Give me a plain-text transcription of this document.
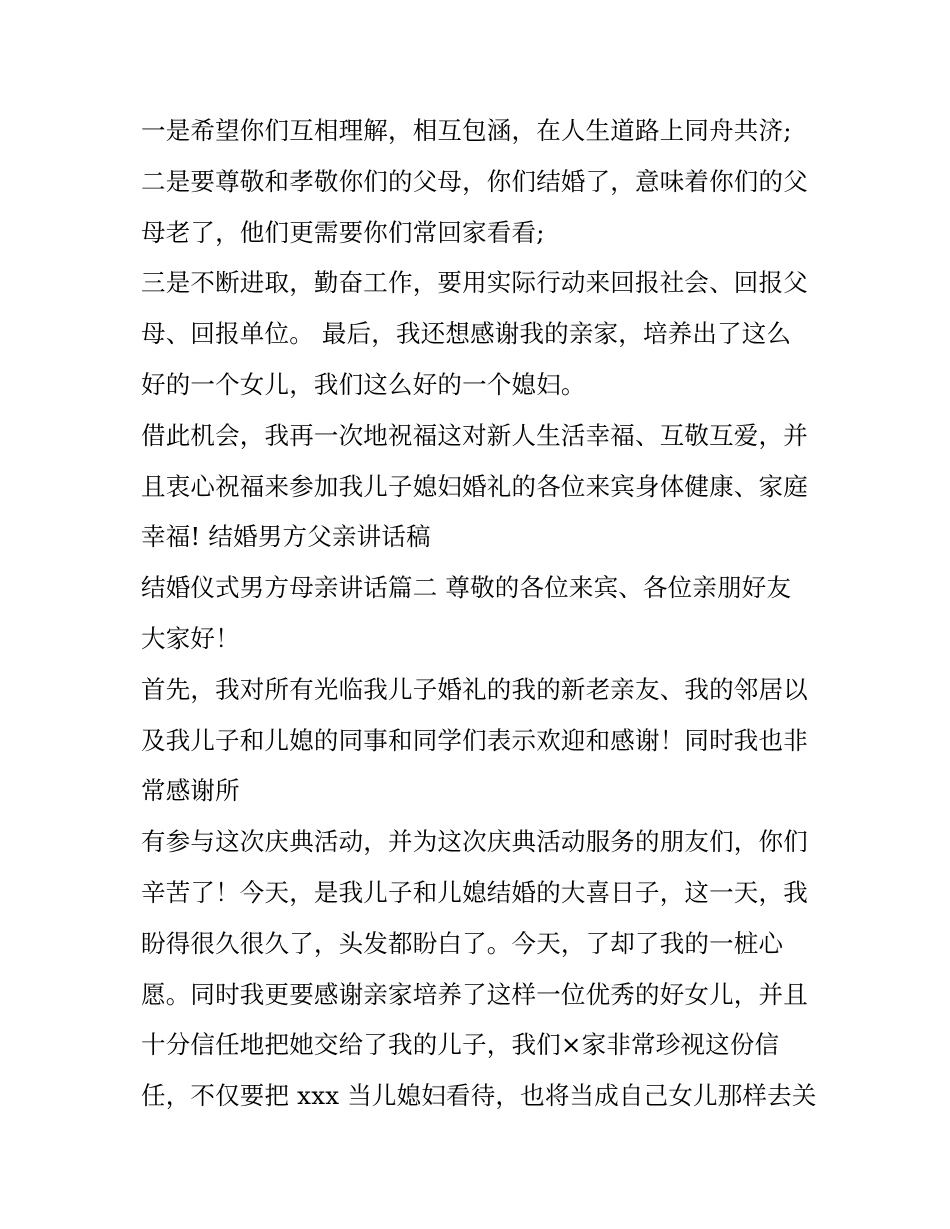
一是希望你们互相理解，相互包涵，在人生道路上同舟共济;
二是要尊敬和孝敬你们的父母，你们结婚了，意味着你们的父
母老了，他们更需要你们常回家看看;
三是不断进取，勤奋工作，要用实际行动来回报社会、回报父
母、回报单位。 最后，我还想感谢我的亲家，培养出了这么
好的一个女儿，我们这么好的一个媳妇。
借此机会，我再一次地祝福这对新人生活幸福、互敬互爱，并
且衷心祝福来参加我儿子媳妇婚礼的各位来宾身体健康、家庭
幸福! 结婚男方父亲讲话稿
结婚仪式男方母亲讲话篇二 尊敬的各位来宾、各位亲朋好友
大家好！
首先，我对所有光临我儿子婚礼的我的新老亲友、我的邻居以
及我儿子和儿媳的同事和同学们表示欢迎和感谢！同时我也非
常感谢所
有参与这次庆典活动，并为这次庆典活动服务的朋友们，你们
辛苦了！今天，是我儿子和儿媳结婚的大喜日子，这一天，我
盼得很久很久了，头发都盼白了。今天，了却了我的一桩心
愿。同时我更要感谢亲家培养了这样一位优秀的好女儿，并且
十分信任地把她交给了我的儿子，我们×家非常珍视这份信
任，不仅要把 xxx 当儿媳妇看待，也将当成自己女儿那样去关
